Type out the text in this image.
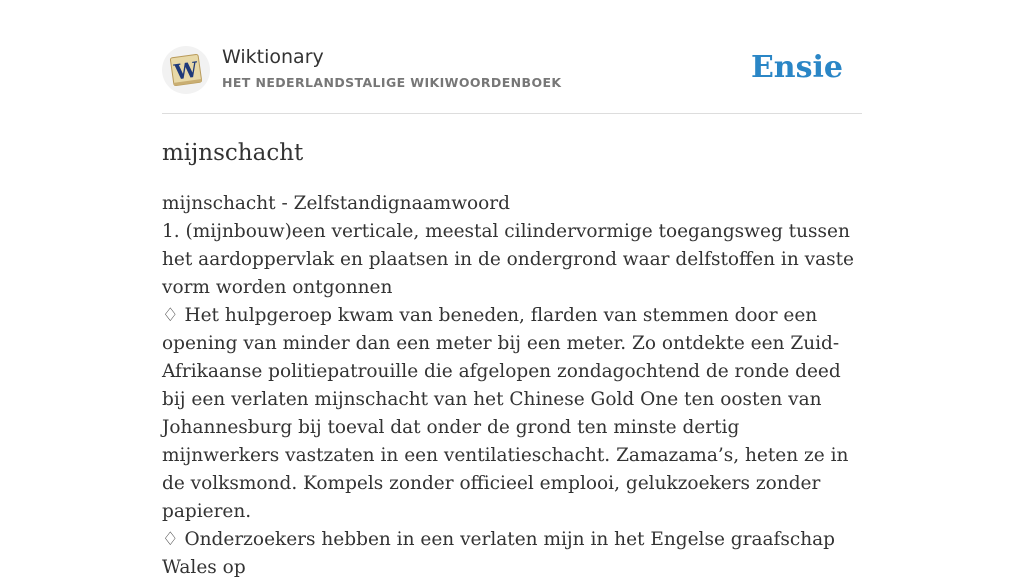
W Wiktionary
HET NEDERLANDSTALIGE WIKIWOORDENBOEK	Ensie
mijnschacht

mijnschacht - Zelfstandignaamwoord

1. (mijnbouw)een verticale, meestal cilindervormige toegangsweg tussen het aardoppervlak en plaatsen in de ondergrond waar delfstoffen in vaste vorm worden ontgonnen

♢ Het hulpgeroep kwam van beneden, flarden van stemmen door een opening van minder dan een meter bij een meter. Zo ontdekte een Zuid-Afrikaanse politiepatrouille die afgelopen zondagochtend de ronde deed bij een verlaten mijnschacht van het Chinese Gold One ten oosten van Johannesburg bij toeval dat onder de grond ten minste dertig mijnwerkers vastzaten in een ventilatieschacht. Zamazama’s, heten ze in de volksmond. Kompels zonder officieel emplooi, gelukzoekers zonder papieren.

♢ Onderzoekers hebben in een verlaten mijn in het Engelse graafschap Wales op
